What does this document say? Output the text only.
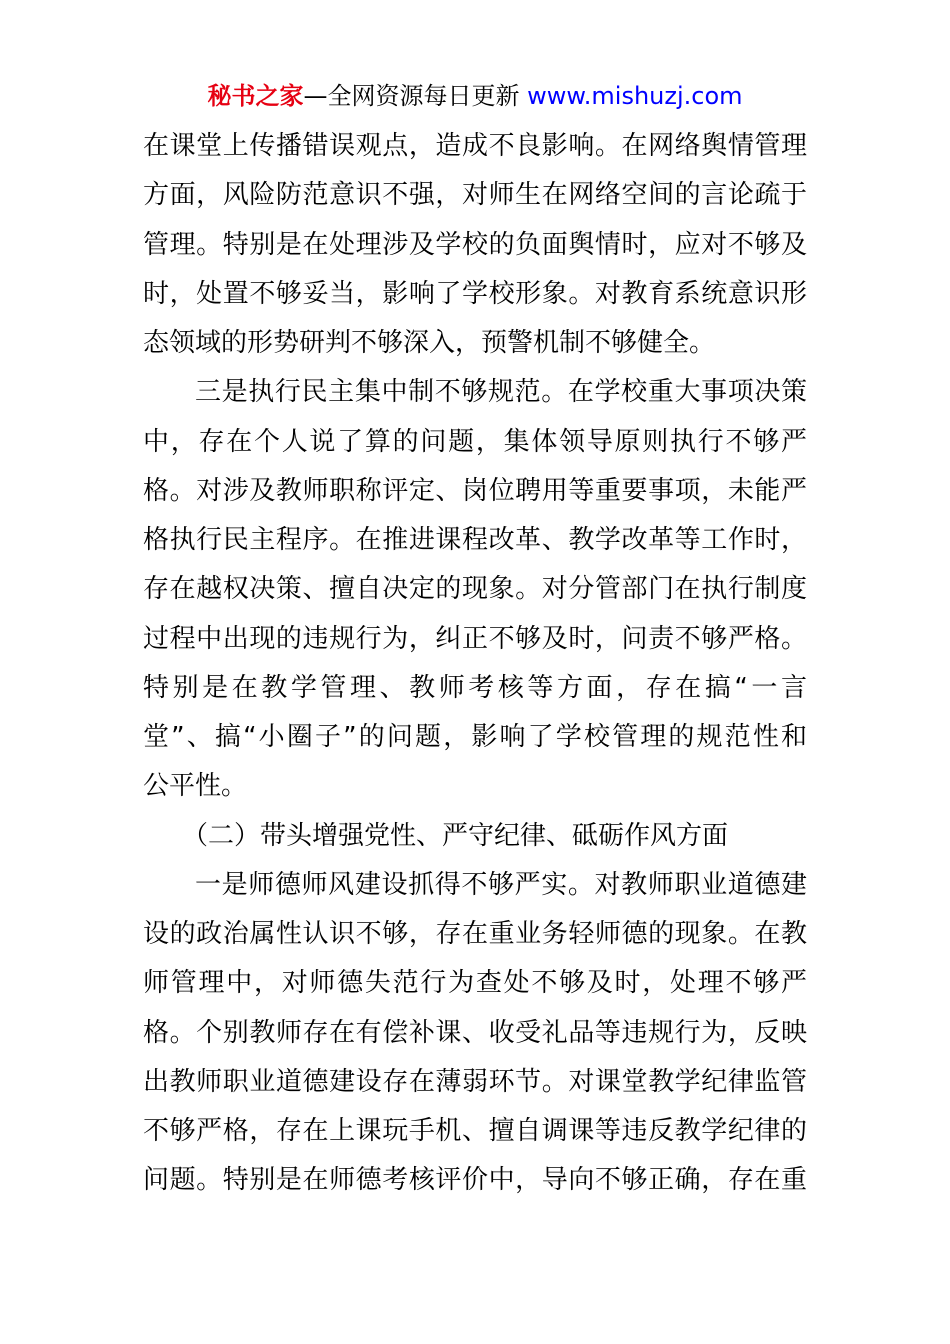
秘书之家—全网资源每日更新 www.mishuzj.com
在课堂上传播错误观点，造成不良影响。在网络舆情管理
方面，风险防范意识不强，对师生在网络空间的言论疏于
管理。特别是在处理涉及学校的负面舆情时，应对不够及
时，处置不够妥当，影响了学校形象。对教育系统意识形
态领域的形势研判不够深入，预警机制不够健全。
三是执行民主集中制不够规范。在学校重大事项决策
中，存在个人说了算的问题，集体领导原则执行不够严
格。对涉及教师职称评定、岗位聘用等重要事项，未能严
格执行民主程序。在推进课程改革、教学改革等工作时，
存在越权决策、擅自决定的现象。对分管部门在执行制度
过程中出现的违规行为，纠正不够及时，问责不够严格。
特别是在教学管理、教师考核等方面，存在搞“一言
堂”、搞“小圈子”的问题，影响了学校管理的规范性和
公平性。
（二）带头增强党性、严守纪律、砥砺作风方面
一是师德师风建设抓得不够严实。对教师职业道德建
设的政治属性认识不够，存在重业务轻师德的现象。在教
师管理中，对师德失范行为查处不够及时，处理不够严
格。个别教师存在有偿补课、收受礼品等违规行为，反映
出教师职业道德建设存在薄弱环节。对课堂教学纪律监管
不够严格，存在上课玩手机、擅自调课等违反教学纪律的
问题。特别是在师德考核评价中，导向不够正确，存在重
